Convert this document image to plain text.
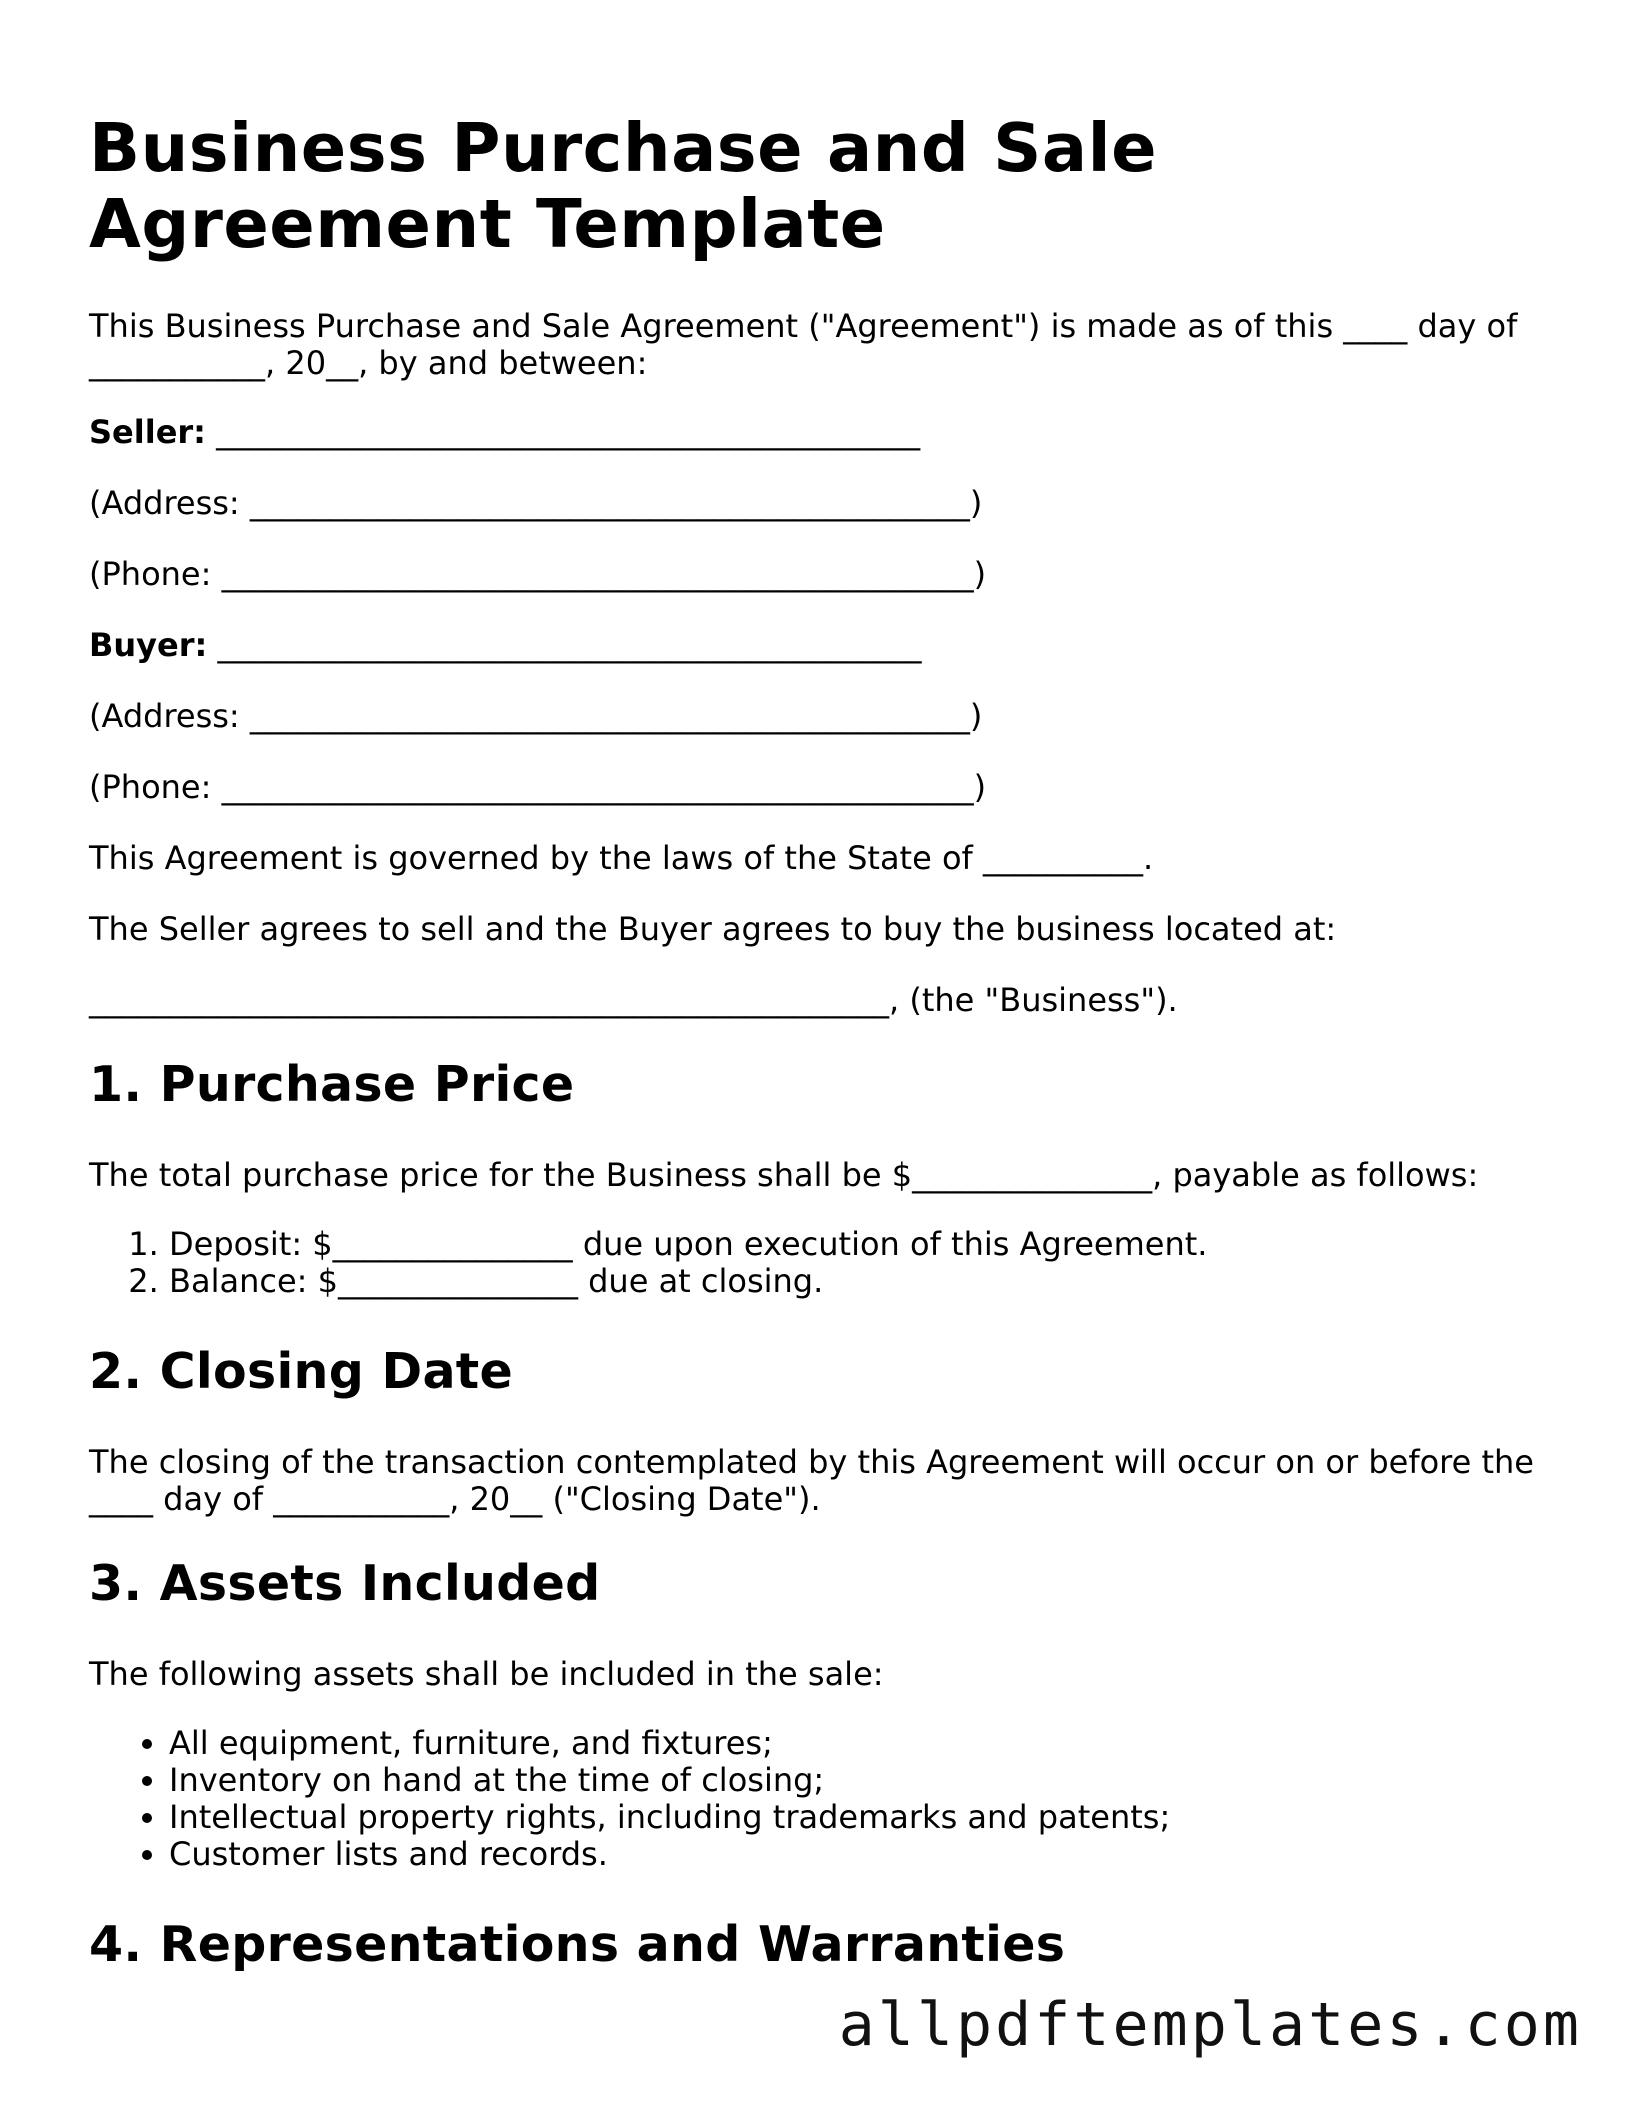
Business Purchase and Sale Agreement Template

This Business Purchase and Sale Agreement ("Agreement") is made as of this ____ day of ___________, 20__, by and between:

Seller: ____________________________________________

(Address: _____________________________________________)

(Phone: _______________________________________________)

Buyer: ____________________________________________

(Address: _____________________________________________)

(Phone: _______________________________________________)

This Agreement is governed by the laws of the State of __________.

The Seller agrees to sell and the Buyer agrees to buy the business located at:

__________________________________________________, (the "Business").

1. Purchase Price

The total purchase price for the Business shall be $_______________, payable as follows:

1. Deposit: $_______________ due upon execution of this Agreement.
2. Balance: $_______________ due at closing.
2. Closing Date

The closing of the transaction contemplated by this Agreement will occur on or before the ____ day of ___________, 20__ ("Closing Date").

3. Assets Included

The following assets shall be included in the sale:

• All equipment, furniture, and fixtures;
• Inventory on hand at the time of closing;
• Intellectual property rights, including trademarks and patents;
• Customer lists and records.
4. Representations and Warranties
allpdftemplates.com
